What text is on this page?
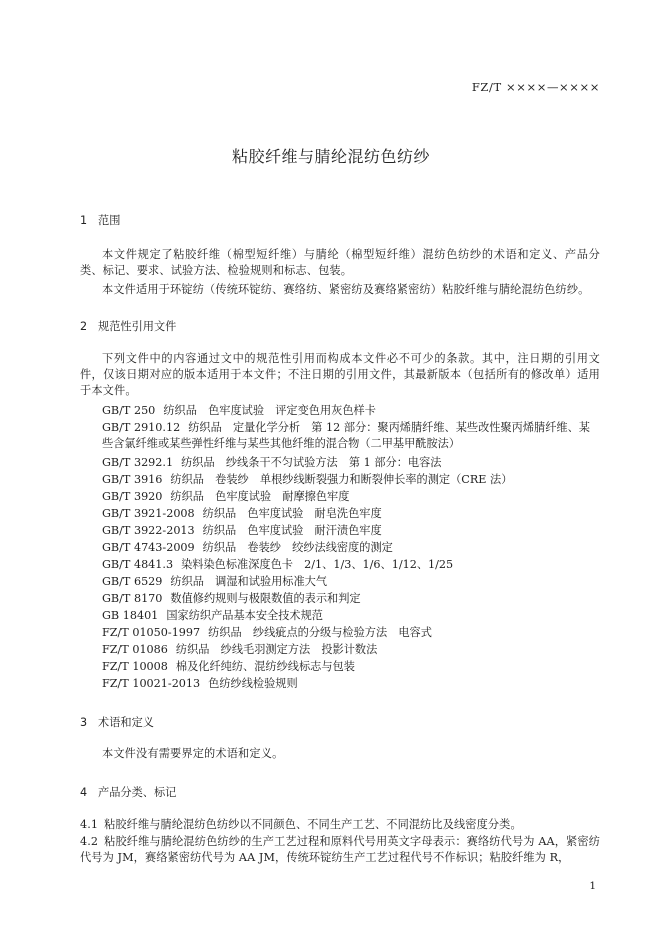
FZ/T ××××—××××
粘胶纤维与腈纶混纺色纺纱
1 范围
本文件规定了粘胶纤维（棉型短纤维）与腈纶（棉型短纤维）混纺色纺纱的术语和定义、产品分类、标记、要求、试验方法、检验规则和标志、包装。
本文件适用于环锭纺（传统环锭纺、赛络纺、紧密纺及赛络紧密纺）粘胶纤维与腈纶混纺色纺纱。
2 规范性引用文件
下列文件中的内容通过文中的规范性引用而构成本文件必不可少的条款。其中，注日期的引用文件，仅该日期对应的版本适用于本文件；不注日期的引用文件，其最新版本（包括所有的修改单）适用于本文件。
GB/T 250 纺织品　色牢度试验　评定变色用灰色样卡
GB/T 2910.12 纺织品　定量化学分析　第 12 部分：聚丙烯腈纤维、某些改性聚丙烯腈纤维、某些含氯纤维或某些弹性纤维与某些其他纤维的混合物（二甲基甲酰胺法）
GB/T 3292.1 纺织品　纱线条干不匀试验方法　第 1 部分：电容法
GB/T 3916 纺织品　卷装纱　单根纱线断裂强力和断裂伸长率的测定（CRE 法）
GB/T 3920 纺织品　色牢度试验　耐摩擦色牢度
GB/T 3921-2008 纺织品　色牢度试验　耐皂洗色牢度
GB/T 3922-2013 纺织品　色牢度试验　耐汗渍色牢度
GB/T 4743-2009 纺织品　卷装纱　绞纱法线密度的测定
GB/T 4841.3 染料染色标准深度色卡　2/1、1/3、1/6、1/12、1/25
GB/T 6529 纺织品　调湿和试验用标准大气
GB/T 8170 数值修约规则与极限数值的表示和判定
GB 18401 国家纺织产品基本安全技术规范
FZ/T 01050-1997 纺织品　纱线疵点的分级与检验方法　电容式
FZ/T 01086 纺织品　纱线毛羽测定方法　投影计数法
FZ/T 10008 棉及化纤纯纺、混纺纱线标志与包装
FZ/T 10021-2013 色纺纱线检验规则
3 术语和定义
本文件没有需要界定的术语和定义。
4 产品分类、标记
4.1 粘胶纤维与腈纶混纺色纺纱以不同颜色、不同生产工艺、不同混纺比及线密度分类。
4.2 粘胶纤维与腈纶混纺色纺纱的生产工艺过程和原料代号用英文字母表示：赛络纺代号为 AA，紧密纺代号为 JM，赛络紧密纺代号为 AA JM，传统环锭纺生产工艺过程代号不作标识；粘胶纤维为 R，
1
